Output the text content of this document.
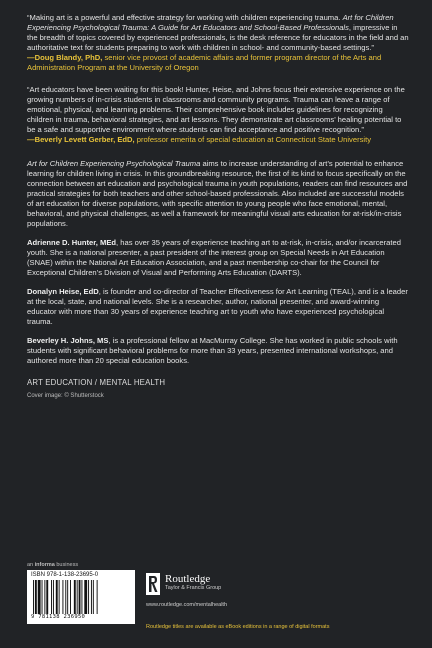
“Making art is a powerful and effective strategy for working with children experiencing trauma. Art for Children Experiencing Psychological Trauma: A Guide for Art Educators and School-Based Professionals, impressive in the breadth of topics covered by experienced professionals, is the desk reference for educators in the field and an authoritative text for students preparing to work with children in school- and community-based settings.”
—Doug Blandy, PhD, senior vice provost of academic affairs and former program director of the Arts and Administration Program at the University of Oregon

“Art educators have been waiting for this book! Hunter, Heise, and Johns focus their extensive experience on the growing numbers of in-crisis students in classrooms and community programs. Trauma can leave a range of emotional, physical, and learning problems. Their comprehensive book includes guidelines for recognizing children in trauma, behavioral strategies, and art lessons. They demonstrate art classrooms’ healing potential to be a safe and supportive environment where students can find acceptance and positive recognition.”
—Beverly Levett Gerber, EdD, professor emerita of special education at Connecticut State University

Art for Children Experiencing Psychological Trauma aims to increase understanding of art’s potential to enhance learning for children living in crisis. In this groundbreaking resource, the first of its kind to focus specifically on the connection between art education and psychological trauma in youth populations, readers can find resources and practical strategies for both teachers and other school-based professionals. Also included are successful models of art education for diverse populations, with specific attention to young people who face emotional, mental, behavioral, and physical challenges, as well a framework for meaningful visual arts education for at-risk/in-crisis populations.

Adrienne D. Hunter, MEd, has over 35 years of experience teaching art to at-risk, in-crisis, and/or incarcerated youth. She is a national presenter, a past president of the interest group on Special Needs in Art Education (SNAE) within the National Art Education Association, and a past membership co-chair for the Council for Exceptional Children’s Division of Visual and Performing Arts Education (DARTS).

Donalyn Heise, EdD, is founder and co-director of Teacher Effectiveness for Art Learning (TEAL), and is a leader at the local, state, and national levels. She is a researcher, author, national presenter, and award-winning educator with more than 30 years of experience teaching art to youth who have experienced psychological trauma.

Beverley H. Johns, MS, is a professional fellow at MacMurray College. She has worked in public schools with students with significant behavioral problems for more than 33 years, presented international workshops, and authored more than 20 special education books.

ART EDUCATION / MENTAL HEALTH

Cover image: © Shutterstock

an informa business

ISBN 978-1-138-23695-0
9 781138 236950
Routledge
Taylor & Francis Group
www.routledge.com/mentalhealth
Routledge titles are available as eBook editions in a range of digital formats
